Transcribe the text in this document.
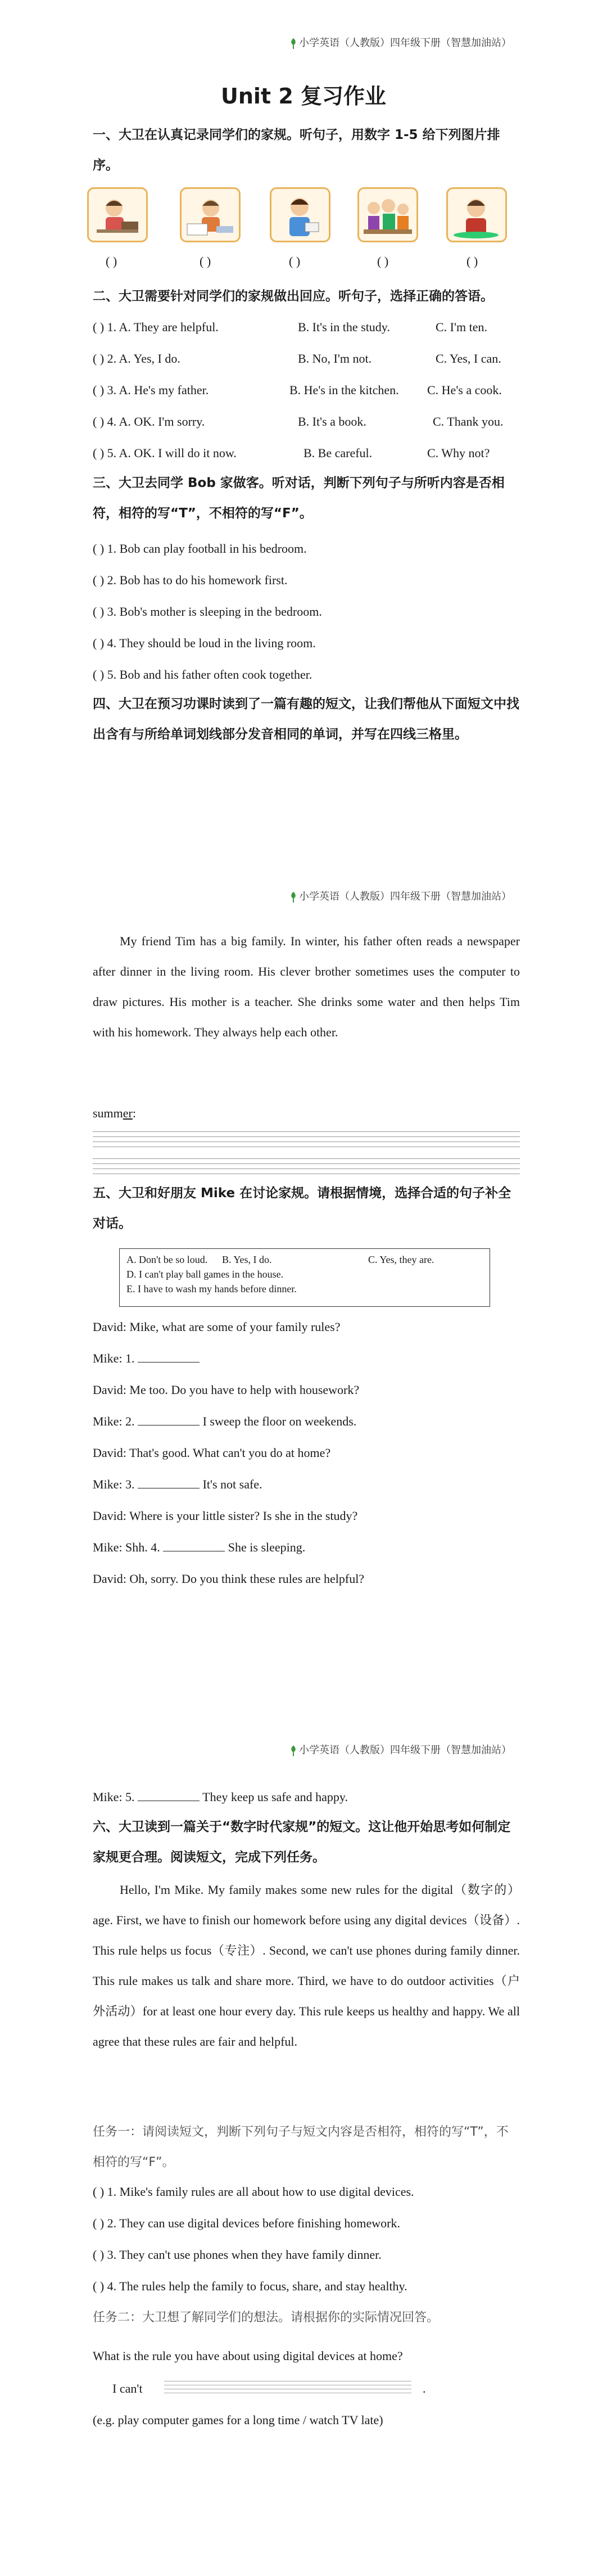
小学英语（人教版）四年级下册（智慧加油站）
Unit 2 复习作业
一、大卫在认真记录同学们的家规。听句子，用数字 1-5 给下列图片排序。
( )	( )	( )	( )	( )
二、大卫需要针对同学们的家规做出回应。听句子，选择正确的答语。
( ) 1. A. They are helpful.	B. It's in the study.	C. I'm ten.
( ) 2. A. Yes, I do.	B. No, I'm not.	C. Yes, I can.
( ) 3. A. He's my father.	B. He's in the kitchen. C. He's a cook.
( ) 4. A. OK. I'm sorry.	B. It's a book.	C. Thank you.
( ) 5. A. OK. I will do it now.	B. Be careful.	C. Why not?
三、大卫去同学 Bob 家做客。听对话，判断下列句子与所听内容是否相符，相符的写“T”，不相符的写“F”。
( ) 1. Bob can play football in his bedroom.
( ) 2. Bob has to do his homework first.
( ) 3. Bob's mother is sleeping in the bedroom.
( ) 4. They should be loud in the living room.
( ) 5. Bob and his father often cook together.
四、大卫在预习功课时读到了一篇有趣的短文，让我们帮他从下面短文中找出含有与所给单词划线部分发音相同的单词，并写在四线三格里。
小学英语（人教版）四年级下册（智慧加油站）
My friend Tim has a big family. In winter, his father often reads a newspaper after dinner in the living room. His clever brother sometimes uses the computer to draw pictures. His mother is a teacher. She drinks some water and then helps Tim with his homework. They always help each other.
summer:
五、大卫和好朋友 Mike 在讨论家规。请根据情境，选择合适的句子补全对话。
A. Don't be so loud. B. Yes, I do.	C. Yes, they are.
D. I can't play ball games in the house.
E. I have to wash my hands before dinner.
David: Mike, what are some of your family rules?
Mike: 1.
David: Me too. Do you have to help with housework?
Mike: 2.	I sweep the floor on weekends.
David: That's good. What can't you do at home?
Mike: 3.	It's not safe.
David: Where is your little sister? Is she in the study?
Mike: Shh. 4.	She is sleeping.
David: Oh, sorry. Do you think these rules are helpful?
小学英语（人教版）四年级下册（智慧加油站）
Mike: 5.	They keep us safe and happy.
六、大卫读到一篇关于“数字时代家规”的短文。这让他开始思考如何制定家规更合理。阅读短文，完成下列任务。
Hello, I'm Mike. My family makes some new rules for the digital（数字的）age. First, we have to finish our homework before using any digital devices（设备）. This rule helps us focus（专注）. Second, we can't use phones during family dinner. This rule makes us talk and share more. Third, we have to do outdoor activities（户外活动）for at least one hour every day. This rule keeps us healthy and happy. We all agree that these rules are fair and helpful.
任务一：请阅读短文，判断下列句子与短文内容是否相符，相符的写“T”，不相符的写“F”。
( ) 1. Mike's family rules are all about how to use digital devices.
( ) 2. They can use digital devices before finishing homework.
( ) 3. They can't use phones when they have family dinner.
( ) 4. The rules help the family to focus, share, and stay healthy.
任务二：大卫想了解同学们的想法。请根据你的实际情况回答。
What is the rule you have about using digital devices at home?
I can't	.
(e.g. play computer games for a long time / watch TV late)
